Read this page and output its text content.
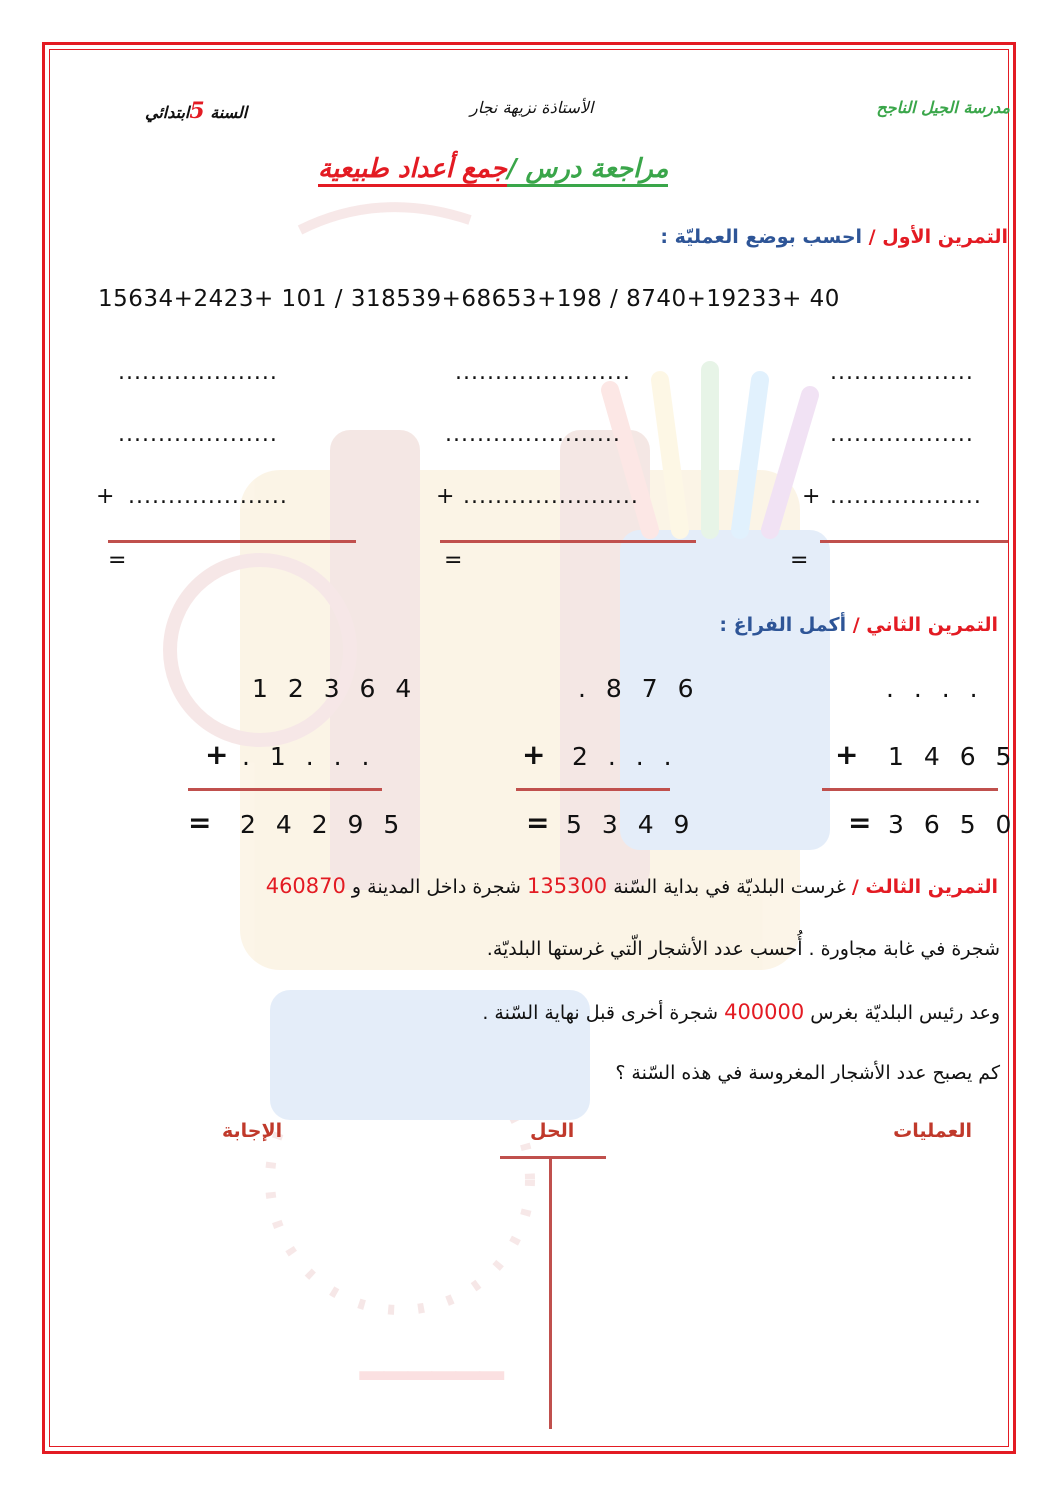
ــــــ
مدرسة الجيل الناجح
الأستاذة نزيهة نجار
السنة 5ابتدائي
مراجعة درس /جمع أعداد طبيعية
التمرين الأول / احسب بوضع العمليّة :
15634+2423+ 101 / 318539+68653+198 / 8740+19233+ 40
....................	......................	..................
....................	......................	..................
+ ....................	+ ......................	+ ...................
=	=	=
التمرين الثاني / أكمل الفراغ :
1 2 3 6 4
+ . 1 . . .
= 2 4 2 9 5
. 8 7 6
+ 2 . . .
= 5 3 4 9
. . . .
+ 1 4 6 5
= 3 6 5 0
التمرين الثالث / غرست البلديّة في بداية السّنة 135300 شجرة داخل المدينة و 460870
شجرة في غابة مجاورة . أُحسب عدد الأشجار الّتي غرستها البلديّة.
وعد رئيس البلديّة بغرس 400000 شجرة أخرى قبل نهاية السّنة .
كم يصبح عدد الأشجار المغروسة في هذه السّنة ؟
العمليات
الحل
الإجابة
